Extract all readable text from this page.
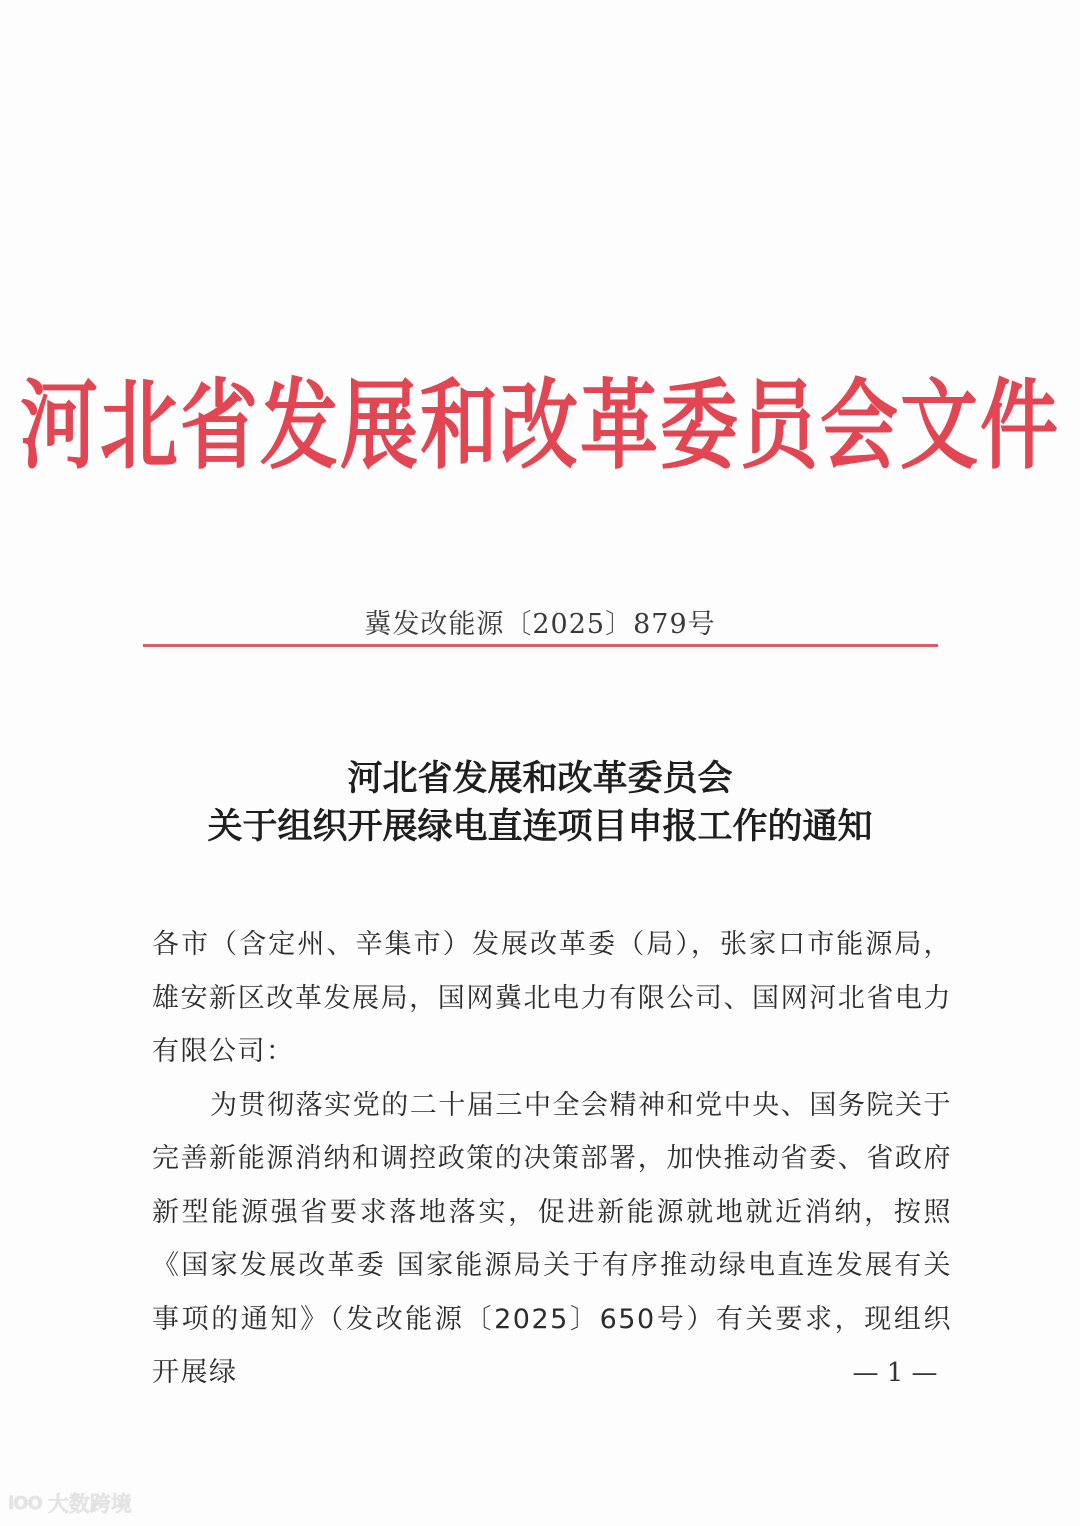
河北省发展和改革委员会文件
冀发改能源〔2025〕879号
河北省发展和改革委员会
关于组织开展绿电直连项目申报工作的通知

各市（含定州、辛集市）发展改革委（局），张家口市能源局，雄安新区改革发展局，国网冀北电力有限公司、国网河北省电力有限公司：

为贯彻落实党的二十届三中全会精神和党中央、国务院关于完善新能源消纳和调控政策的决策部署，加快推动省委、省政府新型能源强省要求落地落实，促进新能源就地就近消纳，按照《国家发展改革委 国家能源局关于有序推动绿电直连发展有关事项的通知》（发改能源〔2025〕650号）有关要求，现组织开展绿	— 1 —
lOO 大数跨境
